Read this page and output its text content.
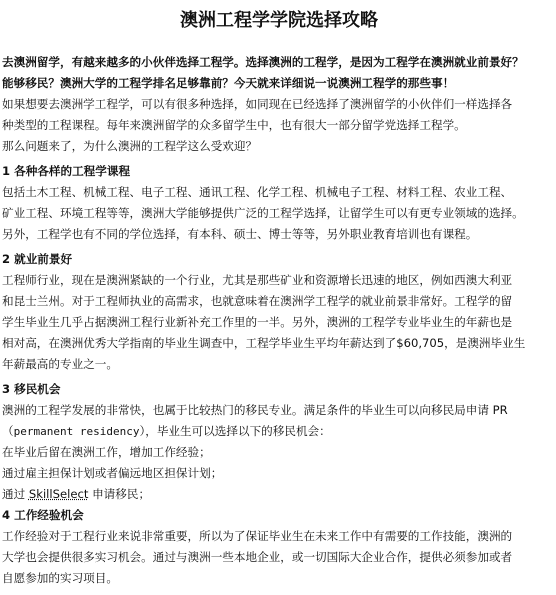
澳洲工程学学院选择攻略

去澳洲留学，有越来越多的小伙伴选择工程学。选择澳洲的工程学，是因为工程学在澳洲就业前景好？

能够移民？澳洲大学的工程学排名足够靠前？今天就来详细说一说澳洲工程学的那些事！

如果想要去澳洲学工程学，可以有很多种选择，如同现在已经选择了澳洲留学的小伙伴们一样选择各

种类型的工程课程。每年来澳洲留学的众多留学生中，也有很大一部分留学党选择工程学。

那么问题来了，为什么澳洲的工程学这么受欢迎？

1 各种各样的工程学课程

包括土木工程、机械工程、电子工程、通讯工程、化学工程、机械电子工程、材料工程、农业工程、

矿业工程、环境工程等等，澳洲大学能够提供广泛的工程学选择，让留学生可以有更专业领域的选择。

另外，工程学也有不同的学位选择，有本科、硕士、博士等等，另外职业教育培训也有课程。

2 就业前景好

工程师行业，现在是澳洲紧缺的一个行业，尤其是那些矿业和资源增长迅速的地区，例如西澳大利亚

和昆士兰州。对于工程师执业的高需求，也就意味着在澳洲学工程学的就业前景非常好。工程学的留

学生毕业生几乎占据澳洲工程行业新补充工作里的一半。另外，澳洲的工程学专业毕业生的年薪也是

相对高，在澳洲优秀大学指南的毕业生调查中，工程学毕业生平均年薪达到了$60,705，是澳洲毕业生

年薪最高的专业之一。

3 移民机会

澳洲的工程学发展的非常快，也属于比较热门的移民专业。满足条件的毕业生可以向移民局申请 PR

（permanent residency），毕业生可以选择以下的移民机会：

在毕业后留在澳洲工作，增加工作经验；

通过雇主担保计划或者偏远地区担保计划；

通过 SkillSelect 申请移民；

4 工作经验机会

工作经验对于工程行业来说非常重要，所以为了保证毕业生在未来工作中有需要的工作技能，澳洲的

大学也会提供很多实习机会。通过与澳洲一些本地企业，或一切国际大企业合作，提供必须参加或者

自愿参加的实习项目。
